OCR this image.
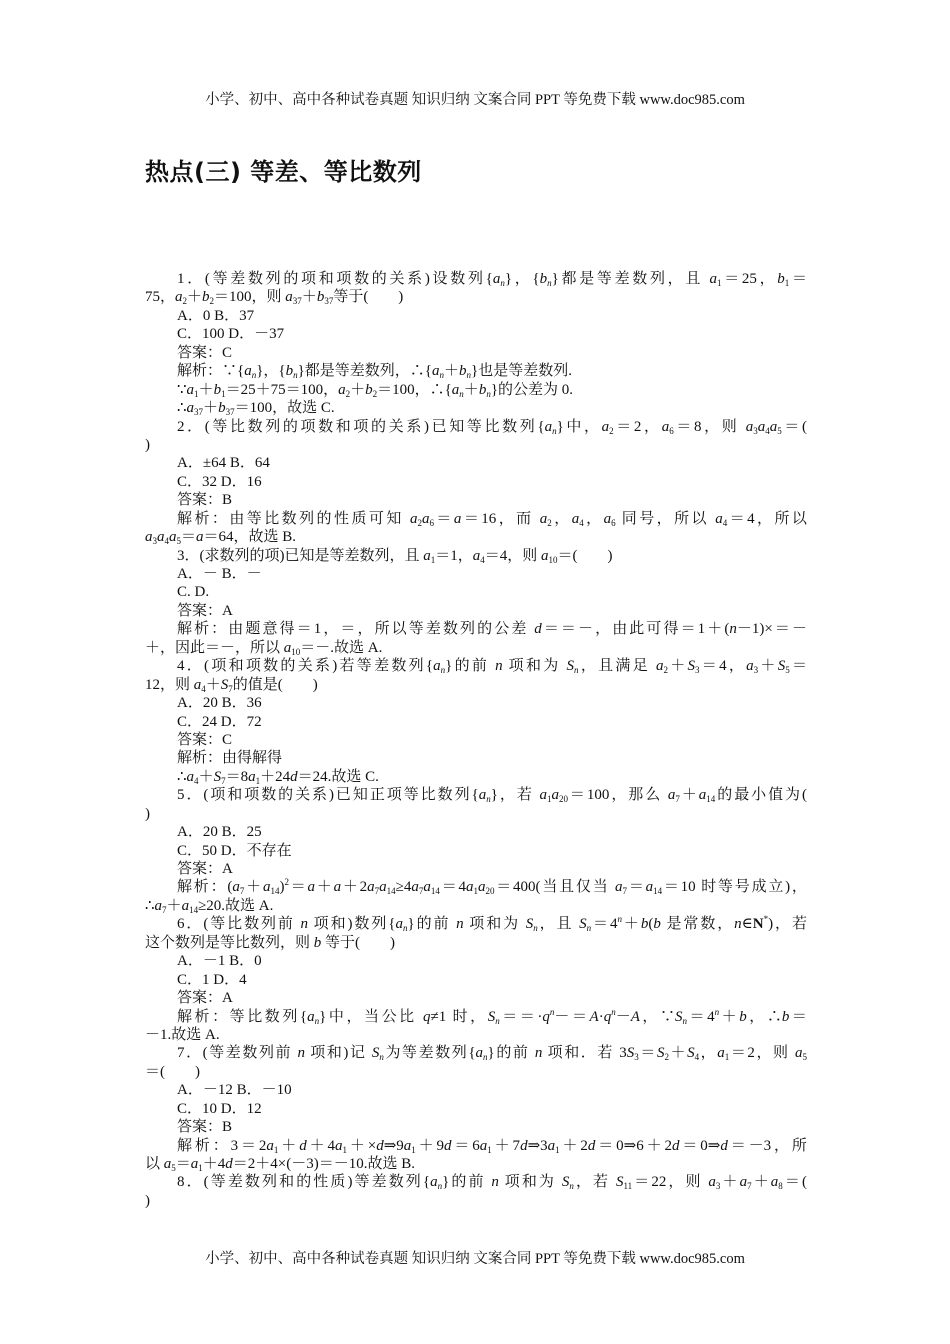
小学、初中、高中各种试卷真题 知识归纳 文案合同 PPT 等免费下载 www.doc985.com
热点(三) 等差、等比数列
1．(等差数列的项和项数的关系)设数列$\{a_n\}$，$\{b_n\}$都是等差数列，且 $a_1=25$，$b_1=$
75，$a_2+b_2=100$，则 $a_{37}+b_{37}$等于(　　)
A．0 B．37
C．100 D．－37
答案：C
解析：$\because\{a_n\}$，$\{b_n\}$都是等差数列，$\therefore\{a_n+b_n\}$也是等差数列.
$\because a_1+b_1=25+75=100$，$a_2+b_2=100$，$\therefore\{a_n+b_n\}$的公差为 0.
$\therefore a_{37}+b_{37}=100$，故选 C.
2．(等比数列的项数和项的关系)已知等比数列$\{a_n\}$中，$a_2=2$，$a_6=8$，则 $a_3a_4a_5=$(
)
A．±64 B．64
C．32 D．16
答案：B
解析：由等比数列的性质可知 $a_2a_6=a=16$，而 $a_2$，$a_4$，$a_6$ 同号，所以 $a_4=4$，所以
$a_3a_4a_5=a=64$，故选 B.
3．(求数列的项)已知是等差数列，且 $a_1=1$，$a_4=4$，则 $a_{10}=$(　　)
A．－ B．－
C. D.
答案：A
解析：由题意得＝1，＝，所以等差数列的公差 d＝＝－，由此可得＝1＋(n－1)×＝－
＋，因此＝－，所以 $a_{10}=-$.故选 A.
4．(项和项数的关系)若等差数列$\{a_n\}$的前 n 项和为 $S_n$，且满足 $a_2+S_3=4$，$a_3+S_5=$
12，则 $a_4+S_7$的值是(　　)
A．20 B．36
C．24 D．72
答案：C
解析：由得解得
$\therefore a_4+S_7=8a_1+24d=24$.故选 C.
5．(项和项数的关系)已知正项等比数列$\{a_n\}$，若 $a_1a_{20}=100$，那么 $a_7+a_{14}$的最小值为(
)
A．20 B．25
C．50 D．不存在
答案：A
解析：$(a_7+a_{14})^2=a+a+2a_7a_{14}\ge 4a_7a_{14}=4a_1a_{20}=400$(当且仅当 $a_7=a_{14}=10$ 时等号成立)，
$\therefore a_7+a_{14}\ge 20$.故选 A.
6．(等比数列前 n 项和)数列$\{a_n\}$的前 n 项和为 $S_n$，且 $S_n=4^n+b(b$ 是常数，n∈N*)，若
这个数列是等比数列，则 b 等于(　　)
A．－1 B．0
C．1 D．4
答案：A
解析：等比数列$\{a_n\}$中，当公比 q≠1 时，$S_n==\cdot q^n-=A\cdot q^n-A$，$\because S_n=4^n+b$，∴b＝
－1.故选 A.
7．(等差数列前 n 项和)记 $S_n$为等差数列$\{a_n\}$的前 n 项和．若 $3S_3=S_2+S_4$，$a_1=2$，则 $a_5$
＝(　　)
A．－12 B．－10
C．10 D．12
答案：B
解析：$3=2a_1+d+4a_1+\times d\Rightarrow 9a_1+9d=6a_1+7d\Rightarrow 3a_1+2d=0\Rightarrow 6+2d=0\Rightarrow d=-3$，所
以 $a_5=a_1+4d=2+4\times(-3)=-10$.故选 B.
8．(等差数列和的性质)等差数列$\{a_n\}$的前 n 项和为 $S_n$，若 $S_{11}=22$，则 $a_3+a_7+a_8=$(
)
小学、初中、高中各种试卷真题 知识归纳 文案合同 PPT 等免费下载 www.doc985.com
